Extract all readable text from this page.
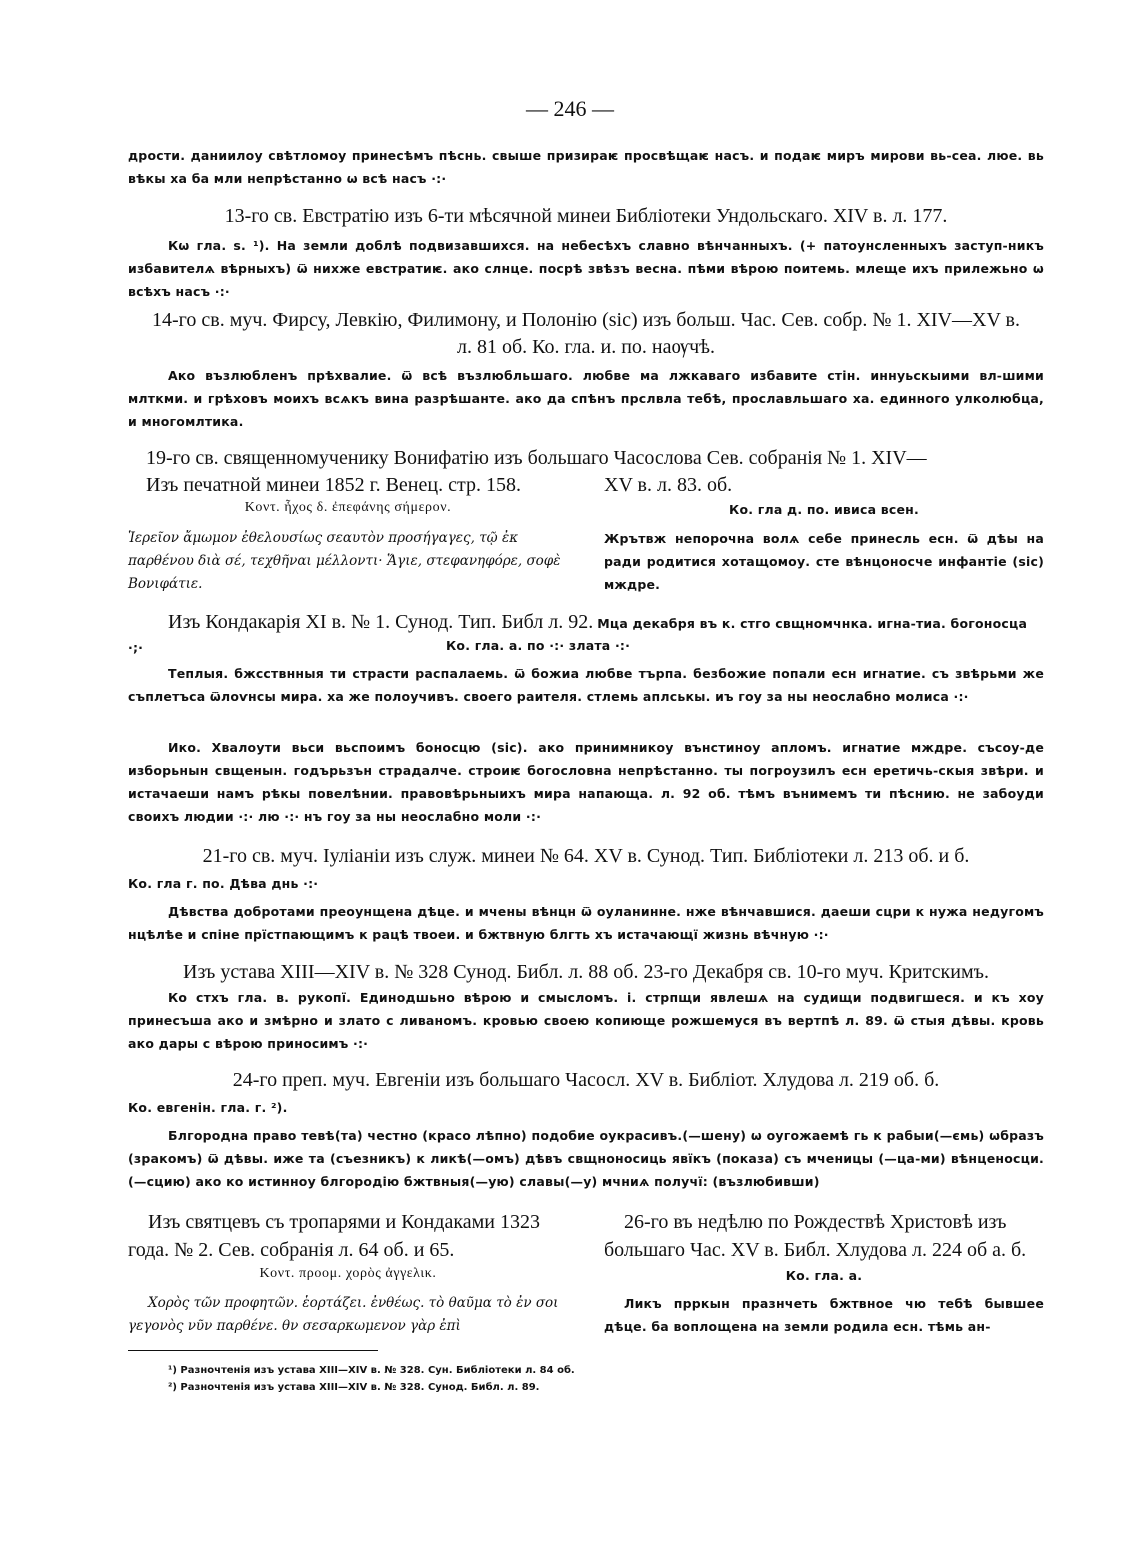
— 246 —
дрости. даниилоу свѣтломоу принесѣмъ пѣснь. свыше призираѥ просвѣщаѥ насъ. и подаѥ миръ мирови вь-сеа. люе. вь вѣкы ха ба мли непрѣстанно ѡ всѣ насъ ·:·
13-го св. Евстратію изъ 6-ти мѣсячной минеи Библіотеки Ундольскаго. XIV в. л. 177.
Кѡ гла. ѕ. ¹). На земли доблѣ подвизавшихся. на небесѣхъ славно вѣнчанныхъ. (+ патоунсленныхъ заступ-никъ избавителѧ вѣрныхъ) ѿ нихже евстратиѥ. ако слнце. посрѣ звѣзъ весна. пѣми вѣрою поитемь. млеще ихъ прилежьно ѡ всѣхъ насъ ·:·
14-го св. муч. Фирсу, Левкію, Филимону, и Полонію (sic) изъ больш. Час. Сев. собр. № 1. XIV—XV в.
л. 81 об. Ко. гла. и. по. наѹчѣ.
Ако възлюбленъ прѣхвалие. ѿ всѣ възлюбльшаго. любве ма лжкаваго избавите стін. иннуьскыими вл-шими млткми. и грѣховъ моихъ всѧкъ вина разрѣшанте. ако да спѣнъ прслвла тебѣ, прославльшаго ха. единного улколюбца, и многомлтика.
19-го св. священномученику Вонифатію изъ большаго Часослова Сев. собранія № 1. XIV—
Изъ печатной минеи 1852 г. Венец. стр. 158.	XV в. л. 83. об.
Κοντ. ἦχος δ. ἐπεφάνης σήμερον.	Ко. гла д. по. ивиса всен.
Ἱερεῖον ἄμωμον ἐθελουσίως σεαυτὸν προσήγαγες, τῷ ἐκ παρθένου διὰ σέ, τεχθῆναι μέλλοντι· Ἅγιε, στεφανηφόρε, σοφὲ Βονιφάτιε.
Жрътвж непорочна волѧ себе принесль есн. ѿ дѣы на ради родитися хотащомоу. сте вѣнцоносче инфантіе (sic) мждре.
Изъ Кондакарія XI в. № 1. Сунод. Тип. Библ л. 92. Мца декабря въ к. стго свщномчнка. игна-тиа. богоносца ·;·	Ко. гла. а. по ·:· злата ·:·
Теплыя. бжсствнныя ти страсти распалаемь. ѿ божиа любве търпа. безбожие попали есн игнатие. съ звѣрьми же съплетъса ѿлоѵнсы мира. ха же полоучивъ. своего раителя. стлемь аплськы. иъ гоу за ны неослабно молиса ·:·
Ико. Хвалоути вьси вьспоимъ боносцю (sic). ако принимникоу вънстиноу апломъ. игнатие мждре. съсоу-де изборьнын свщенын. годърьзън страдалче. строиѥ богословна непрѣстанно. ты погроузилъ есн еретичь-скыя звѣри. и истачаеши намъ рѣкы повелѣнии. правовѣрьныихъ мира напающа. л. 92 об. тѣмъ вънимемъ ти пѣснию. не забоуди своихъ людии ·:· лю ·:· нъ гоу за ны неослабно моли ·:·
21-го св. муч. Іуліаніи изъ служ. минеи № 64. XV в. Сунод. Тип. Библіотеки л. 213 об. и б.
Ко. гла г. по. Дѣва днь ·:·
Дѣвства добротами преоунщена дѣце. и мчены вѣнцн ѿ оуланинне. нже вѣнчавшися. даеши сцри к нужа недугомъ нцѣлѣе и спіне прїстпающимъ к рацѣ твоеи. и бжтвную блгть хъ истачающї жизнь вѣчную ·:·
Изъ устава XIII—XIV в. № 328 Сунод. Библ. л. 88 об. 23-го Декабря св. 10-го муч. Критскимъ.
Ко стхъ гла. в. рукопї. Единодшьно вѣрою и смысломъ. і. стрпщи явлешѧ на судищи подвигшеся. и къ хоу принесъша ако и змѣрно и злато с ливаномъ. кровью своею копиюще рожшемуся въ вертпѣ л. 89. ѿ стыя дѣвы. кровь ако дары с вѣрою приносимъ ·:·
24-го преп. муч. Евгеніи изъ большаго Часосл. XV в. Библіот. Хлудова л. 219 об. б.
Ко. евгенін. гла. г. ²).
Блгородна право тевѣ(та) честно (красо лѣпно) подобие оукрасивъ.(—шену) ѡ оугожаемѣ гь к рабыи(—ємь) ѡбразъ (зракомъ) ѿ дѣвы. иже та (съезникъ) к ликѣ(—омъ) дѣвъ свщноносиць явїкъ (показа) съ мченицы (—ца-ми) вѣнценосци.(—сцию) ако ко истинноу блгородію бжтвныя(—ую) славы(—у) мчниѧ получї: (възлюбивши)
Изъ святцевъ съ тропарями и Кондаками 1323 года. № 2. Сев. собранія л. 64 об. и 65.
Κοντ. προομ. χορὸς ἀγγελικ.
Χορὸς τῶν προφητῶν. ἑορτάζει. ἐνθέως. τὸ θαῦμα τὸ ἐν σοι γεγονὸς νῦν παρθένε. θν σεσαρκωμενον γὰρ ἐπὶ
26-го въ недѣлю по Рождествѣ Христовѣ изъ большаго Час. XV в. Библ. Хлудова л. 224 об а. б.
Ко. гла. а.
Ликъ прркын празнчеть бжтвное чю тебѣ бывшее дѣце. ба воплощена на земли родила есн. тѣмь ан-
¹) Разночтенія изъ устава XIII—XIV в. № 328. Сун. Библіотеки л. 84 об.
²) Разночтенія изъ устава XIII—XIV в. № 328. Сунод. Библ. л. 89.
